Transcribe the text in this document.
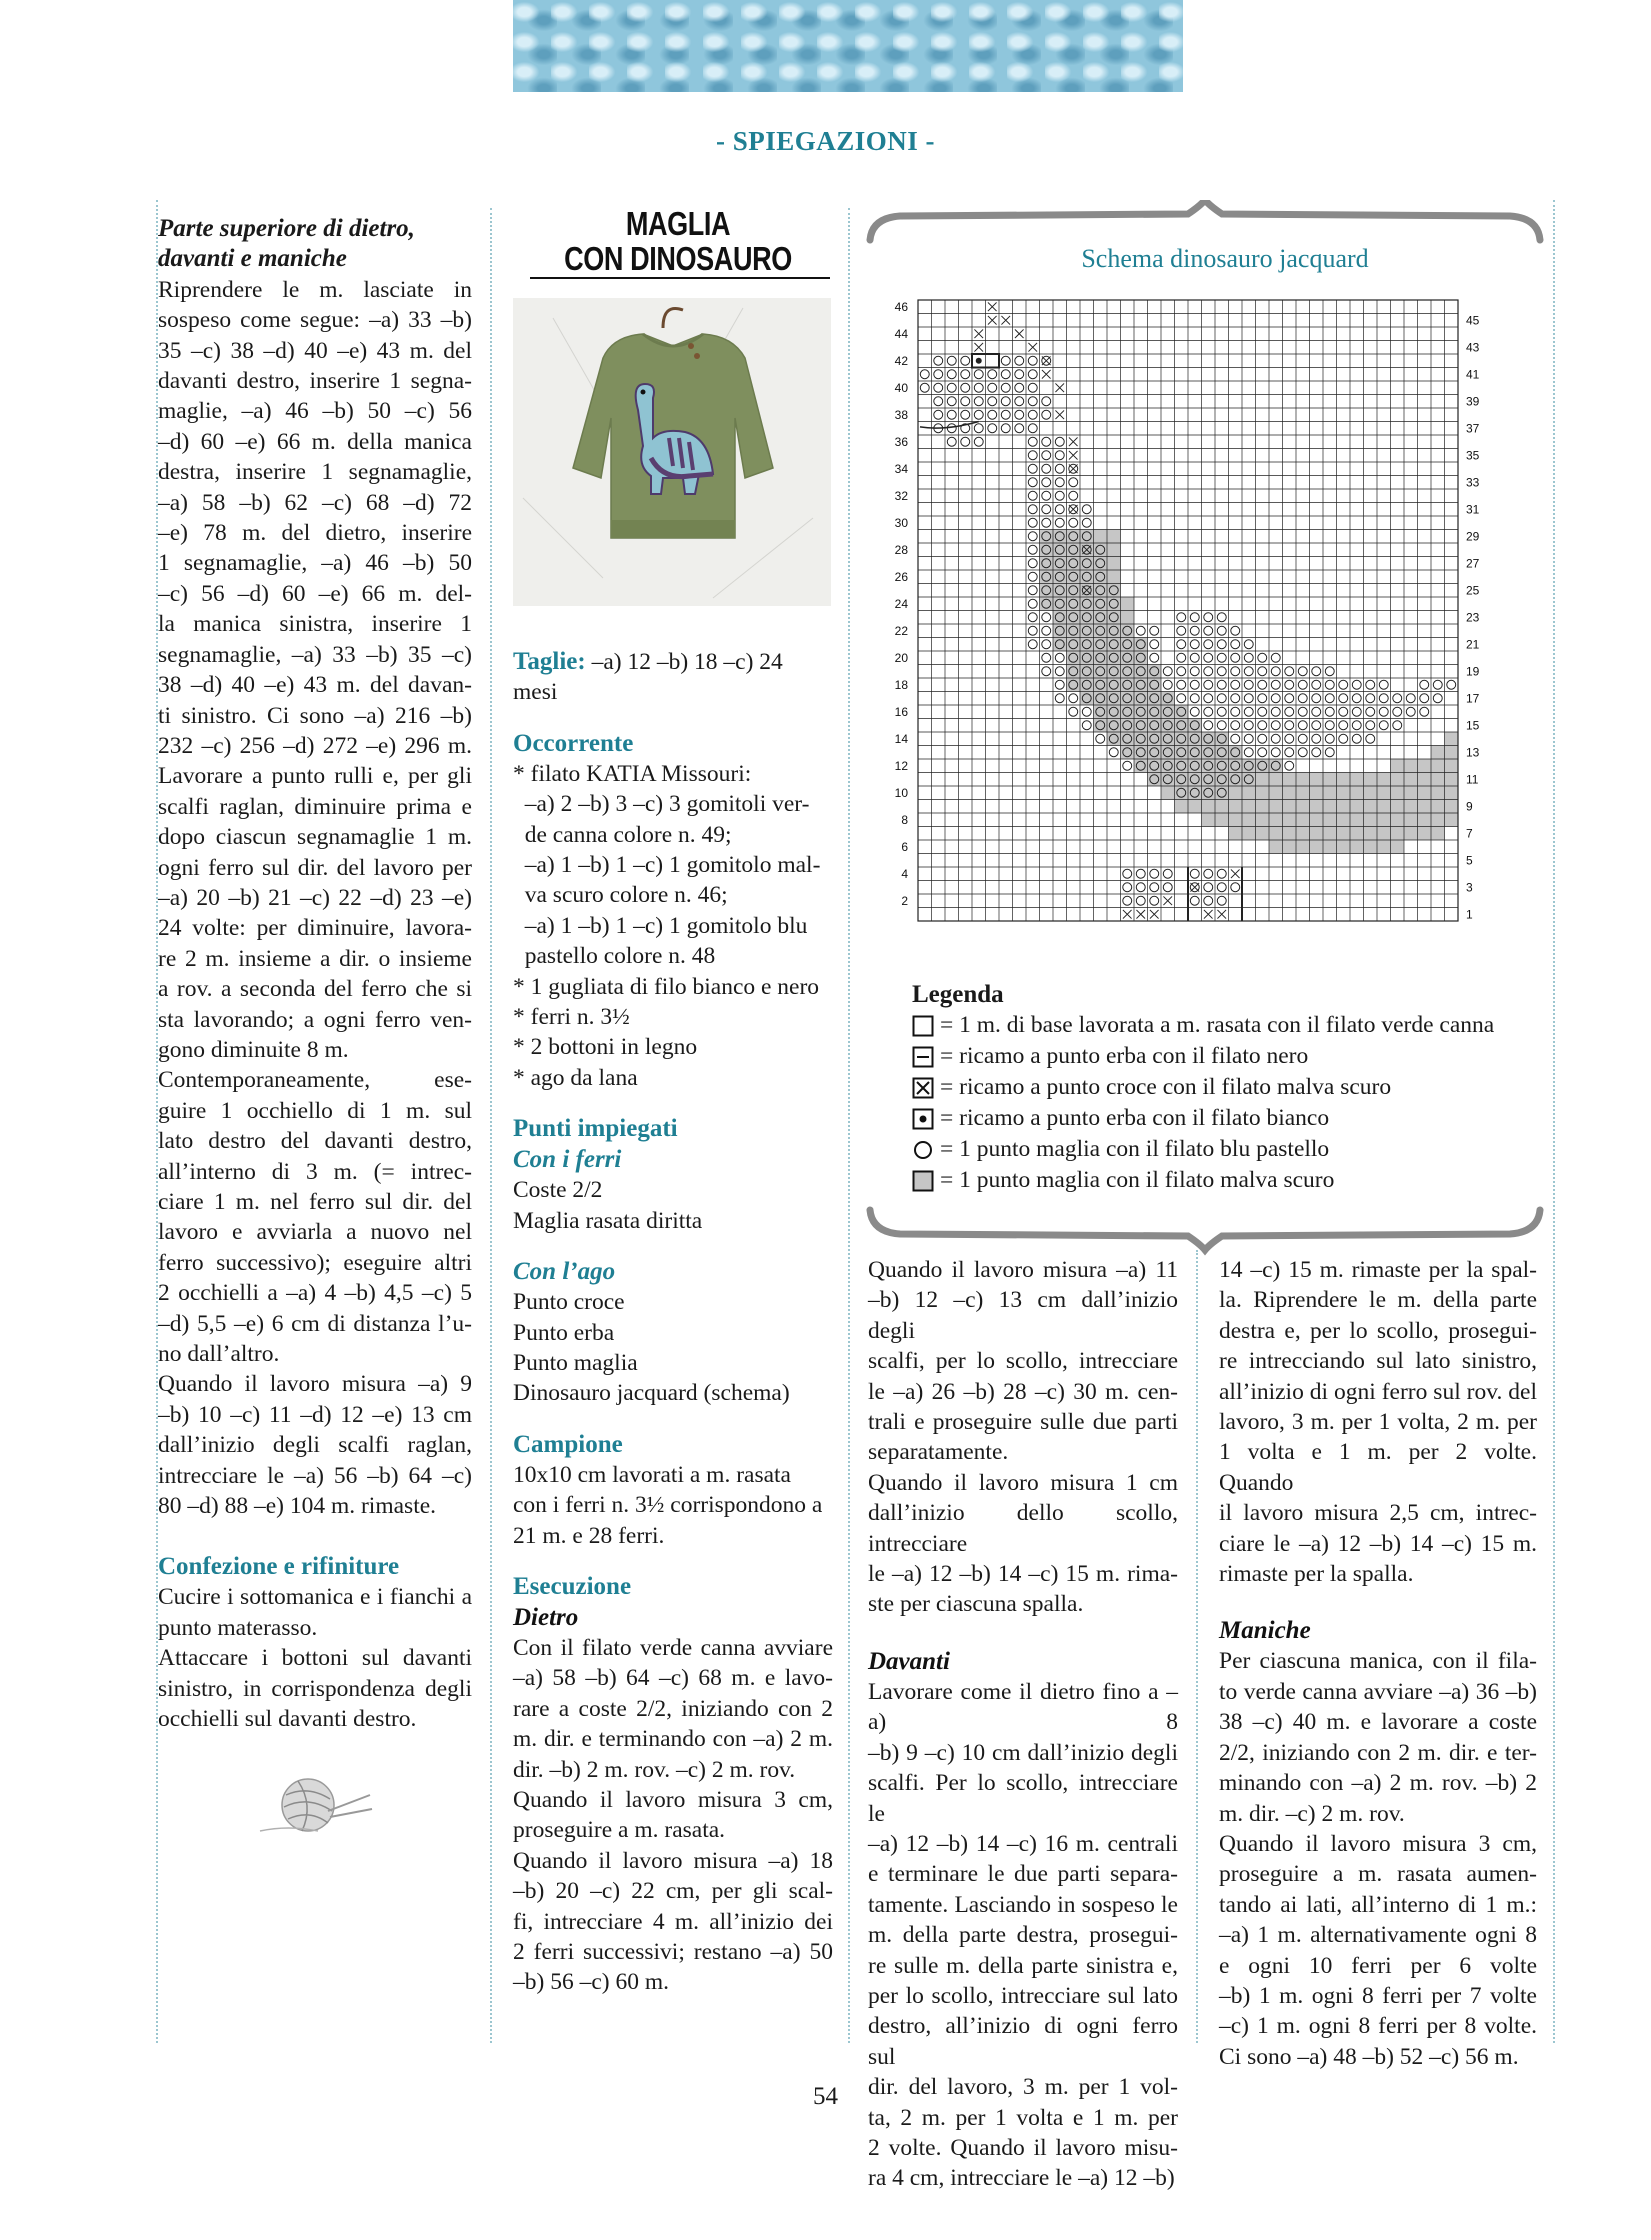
- SPIEGAZIONI -
Parte superiore di dietro,
davanti e maniche

Riprendere le m. lasciate in
sospeso come segue: –a) 33 –b)
35 –c) 38 –d) 40 –e) 43 m. del
davanti destro, inserire 1 segna-
maglie, –a) 46 –b) 50 –c) 56
–d) 60 –e) 66 m. della manica
destra, inserire 1 segnamaglie,
–a) 58 –b) 62 –c) 68 –d) 72
–e) 78 m. del dietro, inserire
1 segnamaglie, –a) 46 –b) 50
–c) 56 –d) 60 –e) 66 m. del-
la manica sinistra, inserire 1
segnamaglie, –a) 33 –b) 35 –c)
38 –d) 40 –e) 43 m. del davan-
ti sinistro. Ci sono –a) 216 –b)
232 –c) 256 –d) 272 –e) 296 m.
Lavorare a punto rulli e, per gli
scalfi raglan, diminuire prima e
dopo ciascun segnamaglie 1 m.
ogni ferro sul dir. del lavoro per
–a) 20 –b) 21 –c) 22 –d) 23 –e)
24 volte: per diminuire, lavora-
re 2 m. insieme a dir. o insieme
a rov. a seconda del ferro che si
sta lavorando; a ogni ferro ven-
gono diminuite 8 m.

Contemporaneamente, ese-
guire 1 occhiello di 1 m. sul
lato destro del davanti destro,
all’interno di 3 m. (= intrec-
ciare 1 m. nel ferro sul dir. del
lavoro e avviarla a nuovo nel
ferro successivo); eseguire altri
2 occhielli a –a) 4 –b) 4,5 –c) 5
–d) 5,5 –e) 6 cm di distanza l’u-
no dall’altro.

Quando il lavoro misura –a) 9
–b) 10 –c) 11 –d) 12 –e) 13 cm
dall’inizio degli scalfi raglan,
intrecciare le –a) 56 –b) 64 –c)
80 –d) 88 –e) 104 m. rimaste.

Confezione e rifiniture

Cucire i sottomanica e i fianchi a
punto materasso.

Attaccare i bottoni sul davanti
sinistro, in corrispondenza degli
occhielli sul davanti destro.

MAGLIA
CON DINOSAURO
Taglie: –a) 12 –b) 18 –c) 24
mesi
Occorrente
* filato KATIA Missouri:
–a) 2 –b) 3 –c) 3 gomitoli ver-
de canna colore n. 49;
–a) 1 –b) 1 –c) 1 gomitolo mal-
va scuro colore n. 46;
–a) 1 –b) 1 –c) 1 gomitolo blu
pastello colore n. 48
* 1 gugliata di filo bianco e nero
* ferri n. 3½
* 2 bottoni in legno
* ago da lana
Punti impiegati
Con i ferri
Coste 2/2
Maglia rasata diritta
Con l’ago
Punto croce
Punto erba
Punto maglia
Dinosauro jacquard (schema)
Campione
10x10 cm lavorati a m. rasata
con i ferri n. 3½ corrispondono a
21 m. e 28 ferri.
Esecuzione
Dietro

Con il filato verde canna avviare
–a) 58 –b) 64 –c) 68 m. e lavo-
rare a coste 2/2, iniziando con 2
m. dir. e terminando con –a) 2 m.
dir. –b) 2 m. rov. –c) 2 m. rov.

Quando il lavoro misura 3 cm,
proseguire a m. rasata.

Quando il lavoro misura –a) 18
–b) 20 –c) 22 cm, per gli scal-
fi, intrecciare 4 m. all’inizio dei
2 ferri successivi; restano –a) 50
–b) 56 –c) 60 m.

Schema dinosauro jacquard
46
44
42
40
38
36
34
32
30
28
26
24
22
20
18
16
14
12
10
8
6
4
2
45
43
41
39
37
35
33
31
29
27
25
23
21
19
17
15
13
11
9
7
5
3
1
Legenda
= 1 m. di base lavorata a m. rasata con il filato verde canna
= ricamo a punto erba con il filato nero
= ricamo a punto croce con il filato malva scuro
= ricamo a punto erba con il filato bianco
= 1 punto maglia con il filato blu pastello
= 1 punto maglia con il filato malva scuro

Quando il lavoro misura –a) 11
–b) 12 –c) 13 cm dall’inizio degli
scalfi, per lo scollo, intrecciare
le –a) 26 –b) 28 –c) 30 m. cen-
trali e proseguire sulle due parti
separatamente.

Quando il lavoro misura 1 cm
dall’inizio dello scollo, intrecciare
le –a) 12 –b) 14 –c) 15 m. rima-
ste per ciascuna spalla.

Davanti
Lavorare come il dietro fino a –a) 8
–b) 9 –c) 10 cm dall’inizio degli
scalfi. Per lo scollo, intrecciare le
–a) 12 –b) 14 –c) 16 m. centrali
e terminare le due parti separa-
tamente. Lasciando in sospeso le
m. della parte destra, prosegui-
re sulle m. della parte sinistra e,
per lo scollo, intrecciare sul lato
destro, all’inizio di ogni ferro sul
dir. del lavoro, 3 m. per 1 vol-
ta, 2 m. per 1 volta e 1 m. per
2 volte. Quando il lavoro misu-
ra 4 cm, intrecciare le –a) 12 –b)

14 –c) 15 m. rimaste per la spal-
la. Riprendere le m. della parte
destra e, per lo scollo, prosegui-
re intrecciando sul lato sinistro,
all’inizio di ogni ferro sul rov. del
lavoro, 3 m. per 1 volta, 2 m. per
1 volta e 1 m. per 2 volte. Quando
il lavoro misura 2,5 cm, intrec-
ciare le –a) 12 –b) 14 –c) 15 m.
rimaste per la spalla.

Maniche

Per ciascuna manica, con il fila-
to verde canna avviare –a) 36 –b)
38 –c) 40 m. e lavorare a coste
2/2, iniziando con 2 m. dir. e ter-
minando con –a) 2 m. rov. –b) 2
m. dir. –c) 2 m. rov.

Quando il lavoro misura 3 cm,
proseguire a m. rasata aumen-
tando ai lati, all’interno di 1 m.:
–a) 1 m. alternativamente ogni 8
e ogni 10 ferri per 6 volte
–b) 1 m. ogni 8 ferri per 7 volte
–c) 1 m. ogni 8 ferri per 8 volte.
Ci sono –a) 48 –b) 52 –c) 56 m.

54
